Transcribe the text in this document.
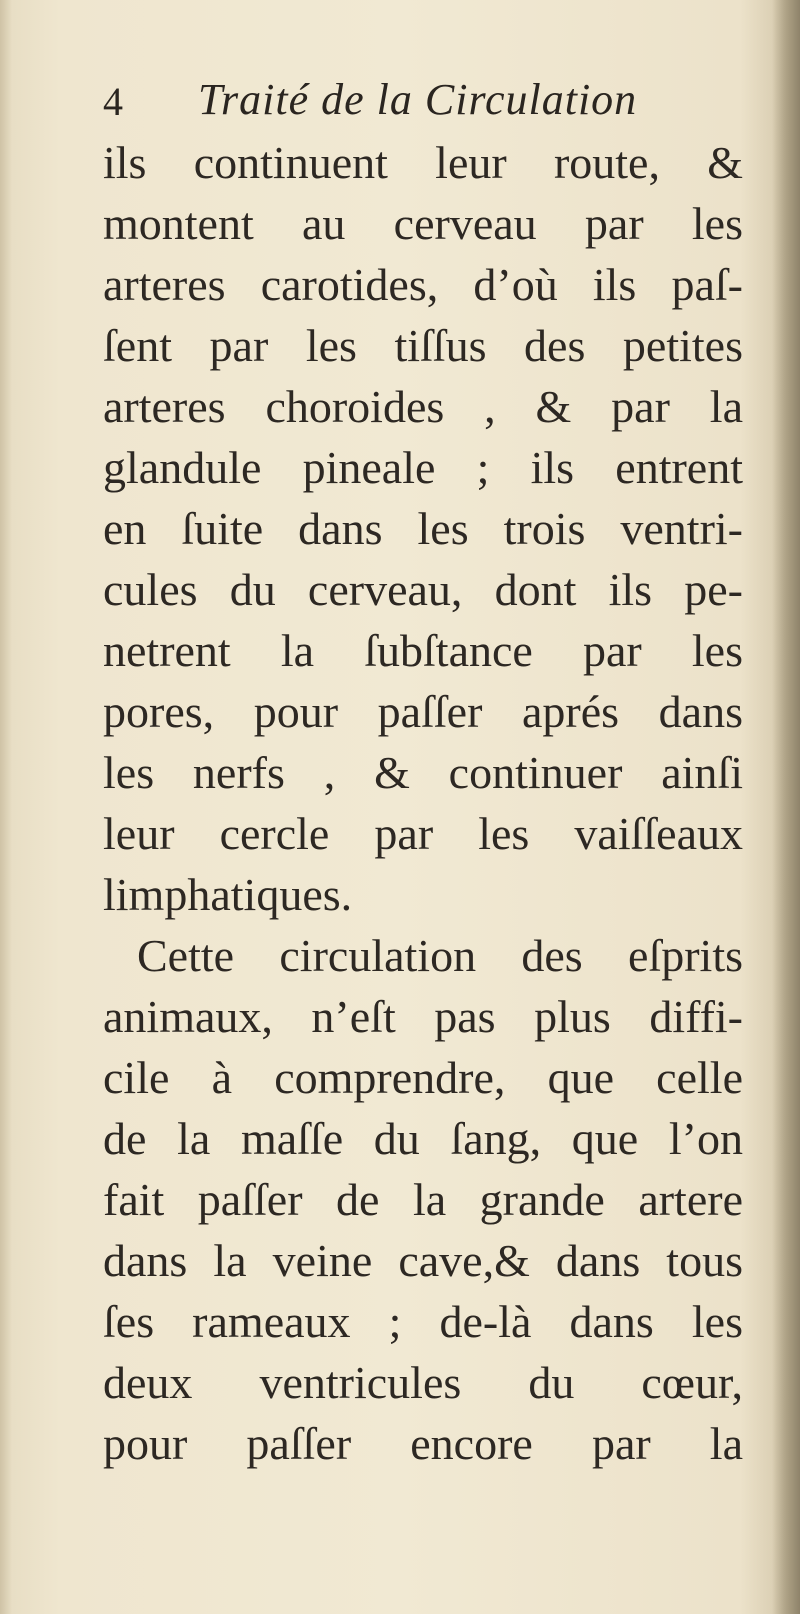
4 Traité de la Circulation
ils continuent leur route, &
montent au cerveau par les
arteres carotides, d’où ils paſ-
ſent par les tiſſus des petites
arteres choroides , & par la
glandule pineale ; ils entrent
en ſuite dans les trois ventri-
cules du cerveau, dont ils pe-
netrent la ſubſtance par les
pores, pour paſſer aprés dans
les nerfs , & continuer ainſi
leur cercle par les vaiſſeaux
limphatiques.
Cette circulation des eſprits
animaux, n’eſt pas plus diffi-
cile à comprendre, que celle
de la maſſe du ſang, que l’on
fait paſſer de la grande artere
dans la veine cave,& dans tous
ſes rameaux ; de-là dans les
deux ventricules du cœur,
pour paſſer encore par la
